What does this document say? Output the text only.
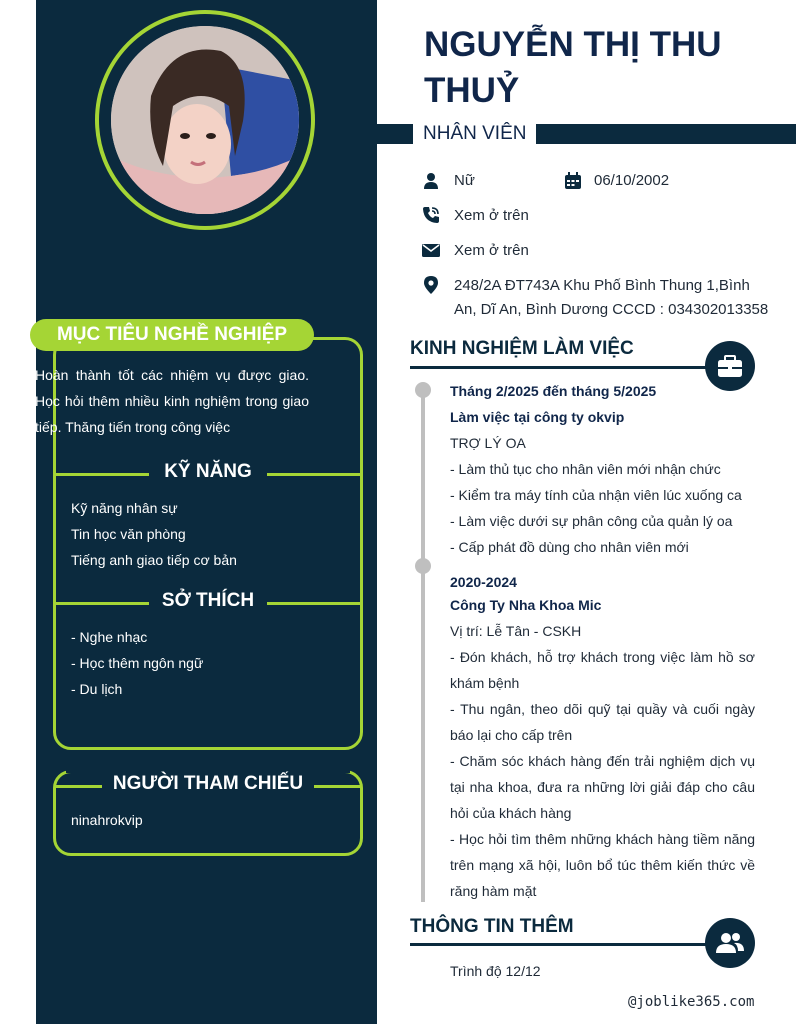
MỤC TIÊU NGHỀ NGHIỆP
Hoàn thành tốt các nhiệm vụ được giao. Học hỏi thêm nhiều kinh nghiệm trong giao tiếp. Thăng tiến trong công việc
KỸ NĂNG
Kỹ năng nhân sự
Tin học văn phòng
Tiếng anh giao tiếp cơ bản
SỞ THÍCH
- Nghe nhạc
- Học thêm ngôn ngữ
- Du lịch
NGƯỜI THAM CHIẾU
ninahrokvip
NGUYỄN THỊ THU THUỶ
NHÂN VIÊN
Nữ	06/10/2002
Xem ở trên
Xem ở trên
248/2A ĐT743A Khu Phố Bình Thung 1,Bình
An, Dĩ An, Bình Dương CCCD : 034302013358
KINH NGHIỆM LÀM VIỆC
Tháng 2/2025 đến tháng 5/2025
Làm việc tại công ty okvip
TRỢ LÝ OA
- Làm thủ tục cho nhân viên mới nhận chức
- Kiểm tra máy tính của nhận viên lúc xuống ca
- Làm việc dưới sự phân công của quản lý oa
- Cấp phát đồ dùng cho nhân viên mới
2020-2024
Công Ty Nha Khoa Mic
Vị trí: Lễ Tân - CSKH
- Đón khách, hỗ trợ khách trong việc làm hồ sơ khám bệnh
- Thu ngân, theo dõi quỹ tại quầy và cuối ngày báo lại cho cấp trên
- Chăm sóc khách hàng đến trải nghiệm dịch vụ tại nha khoa, đưa ra những lời giải đáp cho câu hỏi của khách hàng
- Học hỏi tìm thêm những khách hàng tiềm năng trên mạng xã hội, luôn bổ túc thêm kiến thức về răng hàm mặt
THÔNG TIN THÊM
Trình độ 12/12
@joblike365.com
